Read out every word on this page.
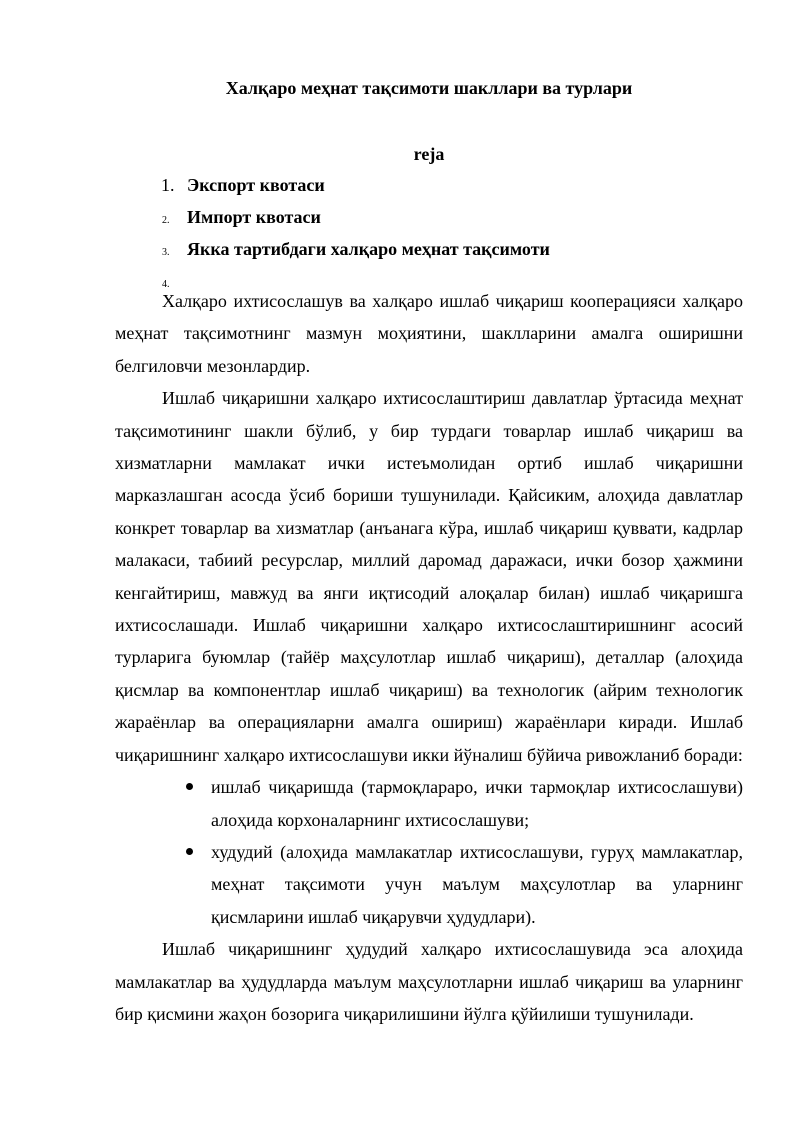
Халқаро меҳнат тақсимоти шакллари ва турлари
reja
1. Экспорт квотаси
2. Импорт квотаси
3. Якка тартибдаги халқаро меҳнат тақсимоти
4.

Халқаро ихтисослашув ва халқаро ишлаб чиқариш кооперацияси халқаро меҳнат тақсимотнинг мазмун моҳиятини, шаклларини амалга оширишни белгиловчи мезонлардир.

Ишлаб чиқаришни халқаро ихтисослаштириш давлатлар ўртасида меҳнат тақсимотининг шакли бўлиб, у бир турдаги товарлар ишлаб чиқариш ва хизматларни мамлакат ички истеъмолидан ортиб ишлаб чиқаришни марказлашган асосда ўсиб бориши тушунилади. Қайсиким, алоҳида давлатлар конкрет товарлар ва хизматлар (анъанага кўра, ишлаб чиқариш қуввати, кадрлар малакаси, табиий ресурслар, миллий даромад даражаси, ички бозор ҳажмини кенгайтириш, мавжуд ва янги иқтисодий алоқалар билан) ишлаб чиқаришга ихтисослашади. Ишлаб чиқаришни халқаро ихтисослаштиришнинг асосий турларига буюмлар (тайёр маҳсулотлар ишлаб чиқариш), деталлар (алоҳида қисмлар ва компонентлар ишлаб чиқариш) ва технологик (айрим технологик жараёнлар ва операцияларни амалга ошириш) жараёнлари киради. Ишлаб чиқаришнинг халқаро ихтисослашуви икки йўналиш бўйича ривожланиб боради:

ишлаб чиқаришда (тармоқлараро, ички тармоқлар ихтисослашуви) алоҳида корхоналарнинг ихтисослашуви;
худудий (алоҳида мамлакатлар ихтисослашуви, гуруҳ мамлакатлар, меҳнат тақсимоти учун маълум маҳсулотлар ва уларнинг қисмларини ишлаб чиқарувчи ҳудудлари).

Ишлаб чиқаришнинг ҳудудий халқаро ихтисослашувида эса алоҳида мамлакатлар ва ҳудудларда маълум маҳсулотларни ишлаб чиқариш ва уларнинг бир қисмини жаҳон бозорига чиқарилишини йўлга қўйилиши тушунилади.
